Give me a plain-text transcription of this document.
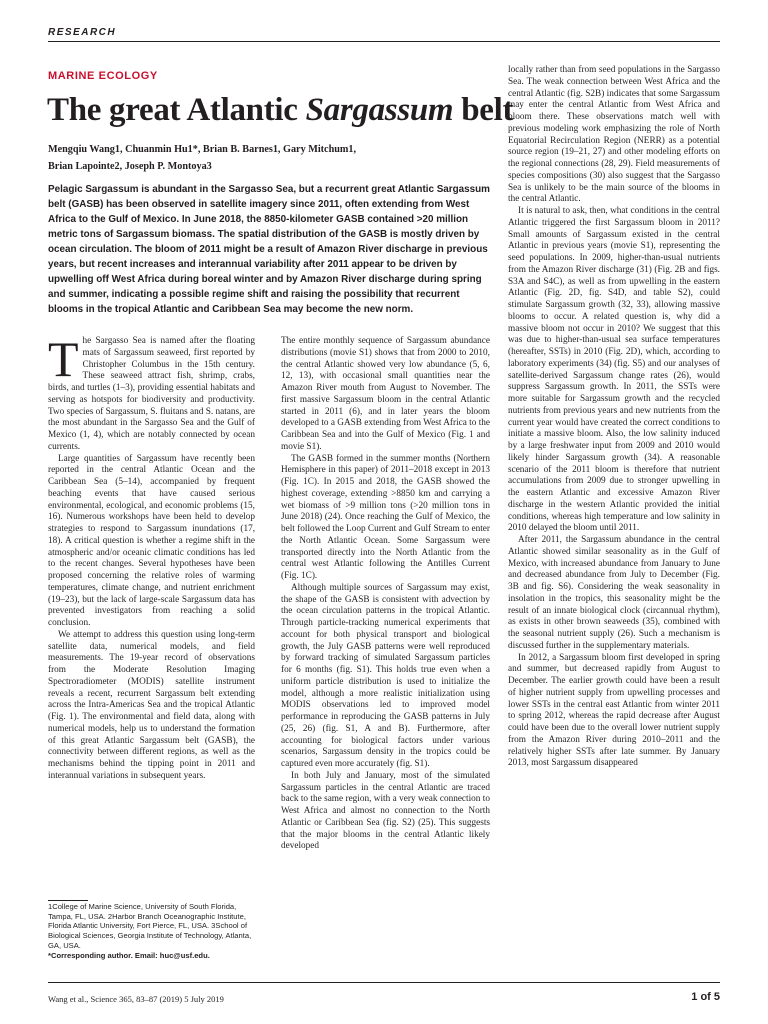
RESEARCH
MARINE ECOLOGY
The great Atlantic Sargassum belt
Mengqiu Wang1, Chuanmin Hu1*, Brian B. Barnes1, Gary Mitchum1,
Brian Lapointe2, Joseph P. Montoya3

Pelagic Sargassum is abundant in the Sargasso Sea, but a recurrent great Atlantic Sargassum belt (GASB) has been observed in satellite imagery since 2011, often extending from West Africa to the Gulf of Mexico. In June 2018, the 8850-kilometer GASB contained >20 million metric tons of Sargassum biomass. The spatial distribution of the GASB is mostly driven by ocean circulation. The bloom of 2011 might be a result of Amazon River discharge in previous years, but recent increases and interannual variability after 2011 appear to be driven by upwelling off West Africa during boreal winter and by Amazon River discharge during spring and summer, indicating a possible regime shift and raising the possibility that recurrent blooms in the tropical Atlantic and Caribbean Sea may become the new norm.

The Sargasso Sea is named after the floating mats of Sargassum seaweed, first reported by Christopher Columbus in the 15th century. These seaweed attract fish, shrimp, crabs, birds, and turtles (1–3), providing essential habitats and serving as hotspots for biodiversity and productivity. Two species of Sargassum, S. fluitans and S. natans, are the most abundant in the Sargasso Sea and the Gulf of Mexico (1, 4), which are notably connected by ocean currents.

Large quantities of Sargassum have recently been reported in the central Atlantic Ocean and the Caribbean Sea (5–14), accompanied by frequent beaching events that have caused serious environmental, ecological, and economic problems (15, 16). Numerous workshops have been held to develop strategies to respond to Sargassum inundations (17, 18). A critical question is whether a regime shift in the atmospheric and/or oceanic climatic conditions has led to the recent changes. Several hypotheses have been proposed concerning the relative roles of warming temperatures, climate change, and nutrient enrichment (19–23), but the lack of large-scale Sargassum data has prevented investigators from reaching a solid conclusion.

We attempt to address this question using long-term satellite data, numerical models, and field measurements. The 19-year record of observations from the Moderate Resolution Imaging Spectroradiometer (MODIS) satellite instrument reveals a recent, recurrent Sargassum belt extending across the Intra-Americas Sea and the tropical Atlantic (Fig. 1). The environmental and field data, along with numerical models, help us to understand the formation of this great Atlantic Sargassum belt (GASB), the connectivity between different regions, as well as the mechanisms behind the tipping point in 2011 and interannual variations in subsequent years.

The entire monthly sequence of Sargassum abundance distributions (movie S1) shows that from 2000 to 2010, the central Atlantic showed very low abundance (5, 6, 12, 13), with occasional small quantities near the Amazon River mouth from August to November. The first massive Sargassum bloom in the central Atlantic started in 2011 (6), and in later years the bloom developed to a GASB extending from West Africa to the Caribbean Sea and into the Gulf of Mexico (Fig. 1 and movie S1).

The GASB formed in the summer months (Northern Hemisphere in this paper) of 2011–2018 except in 2013 (Fig. 1C). In 2015 and 2018, the GASB showed the highest coverage, extending >8850 km and carrying a wet biomass of >9 million tons (>20 million tons in June 2018) (24). Once reaching the Gulf of Mexico, the belt followed the Loop Current and Gulf Stream to enter the North Atlantic Ocean. Some Sargassum were transported directly into the North Atlantic from the central west Atlantic following the Antilles Current (Fig. 1C).

Although multiple sources of Sargassum may exist, the shape of the GASB is consistent with advection by the ocean circulation patterns in the tropical Atlantic. Through particle-tracking numerical experiments that account for both physical transport and biological growth, the July GASB patterns were well reproduced by forward tracking of simulated Sargassum particles for 6 months (fig. S1). This holds true even when a uniform particle distribution is used to initialize the model, although a more realistic initialization using MODIS observations led to improved model performance in reproducing the GASB patterns in July (25, 26) (fig. S1, A and B). Furthermore, after accounting for biological factors under various scenarios, Sargassum density in the tropics could be captured even more accurately (fig. S1).

In both July and January, most of the simulated Sargassum particles in the central Atlantic are traced back to the same region, with a very weak connection to West Africa and almost no connection to the North Atlantic or Caribbean Sea (fig. S2) (25). This suggests that the major blooms in the central Atlantic likely developed

locally rather than from seed populations in the Sargasso Sea. The weak connection between West Africa and the central Atlantic (fig. S2B) indicates that some Sargassum may enter the central Atlantic from West Africa and bloom there. These observations match well with previous modeling work emphasizing the role of North Equatorial Recirculation Region (NERR) as a potential source region (19–21, 27) and other modeling efforts on the regional connections (28, 29). Field measurements of species compositions (30) also suggest that the Sargasso Sea is unlikely to be the main source of the blooms in the central Atlantic.

It is natural to ask, then, what conditions in the central Atlantic triggered the first Sargassum bloom in 2011? Small amounts of Sargassum existed in the central Atlantic in previous years (movie S1), representing the seed populations. In 2009, higher-than-usual nutrients from the Amazon River discharge (31) (Fig. 2B and figs. S3A and S4C), as well as from upwelling in the eastern Atlantic (Fig. 2D, fig. S4D, and table S2), could stimulate Sargassum growth (32, 33), allowing massive blooms to occur. A related question is, why did a massive bloom not occur in 2010? We suggest that this was due to higher-than-usual sea surface temperatures (hereafter, SSTs) in 2010 (Fig. 2D), which, according to laboratory experiments (34) (fig. S5) and our analyses of satellite-derived Sargassum change rates (26), would suppress Sargassum growth. In 2011, the SSTs were more suitable for Sargassum growth and the recycled nutrients from previous years and new nutrients from the current year would have created the correct conditions to initiate a massive bloom. Also, the low salinity induced by a large freshwater input from 2009 and 2010 would likely hinder Sargassum growth (34). A reasonable scenario of the 2011 bloom is therefore that nutrient accumulations from 2009 due to stronger upwelling in the eastern Atlantic and excessive Amazon River discharge in the western Atlantic provided the initial conditions, whereas high temperature and low salinity in 2010 delayed the bloom until 2011.

After 2011, the Sargassum abundance in the central Atlantic showed similar seasonality as in the Gulf of Mexico, with increased abundance from January to June and decreased abundance from July to December (Fig. 3B and fig. S6). Considering the weak seasonality in insolation in the tropics, this seasonality might be the result of an innate biological clock (circannual rhythm), as exists in other brown seaweeds (35), combined with the seasonal nutrient supply (26). Such a mechanism is discussed further in the supplementary materials.

In 2012, a Sargassum bloom first developed in spring and summer, but decreased rapidly from August to December. The earlier growth could have been a result of higher nutrient supply from upwelling processes and lower SSTs in the central east Atlantic from winter 2011 to spring 2012, whereas the rapid decrease after August could have been due to the overall lower nutrient supply from the Amazon River during 2010–2011 and the relatively higher SSTs after late summer. By January 2013, most Sargassum disappeared

1College of Marine Science, University of South Florida, Tampa, FL, USA. 2Harbor Branch Oceanographic Institute, Florida Atlantic University, Fort Pierce, FL, USA. 3School of Biological Sciences, Georgia Institute of Technology, Atlanta, GA, USA.

*Corresponding author. Email: huc@usf.edu.

Wang et al., Science 365, 83–87 (2019) 5 July 2019	1 of 5
